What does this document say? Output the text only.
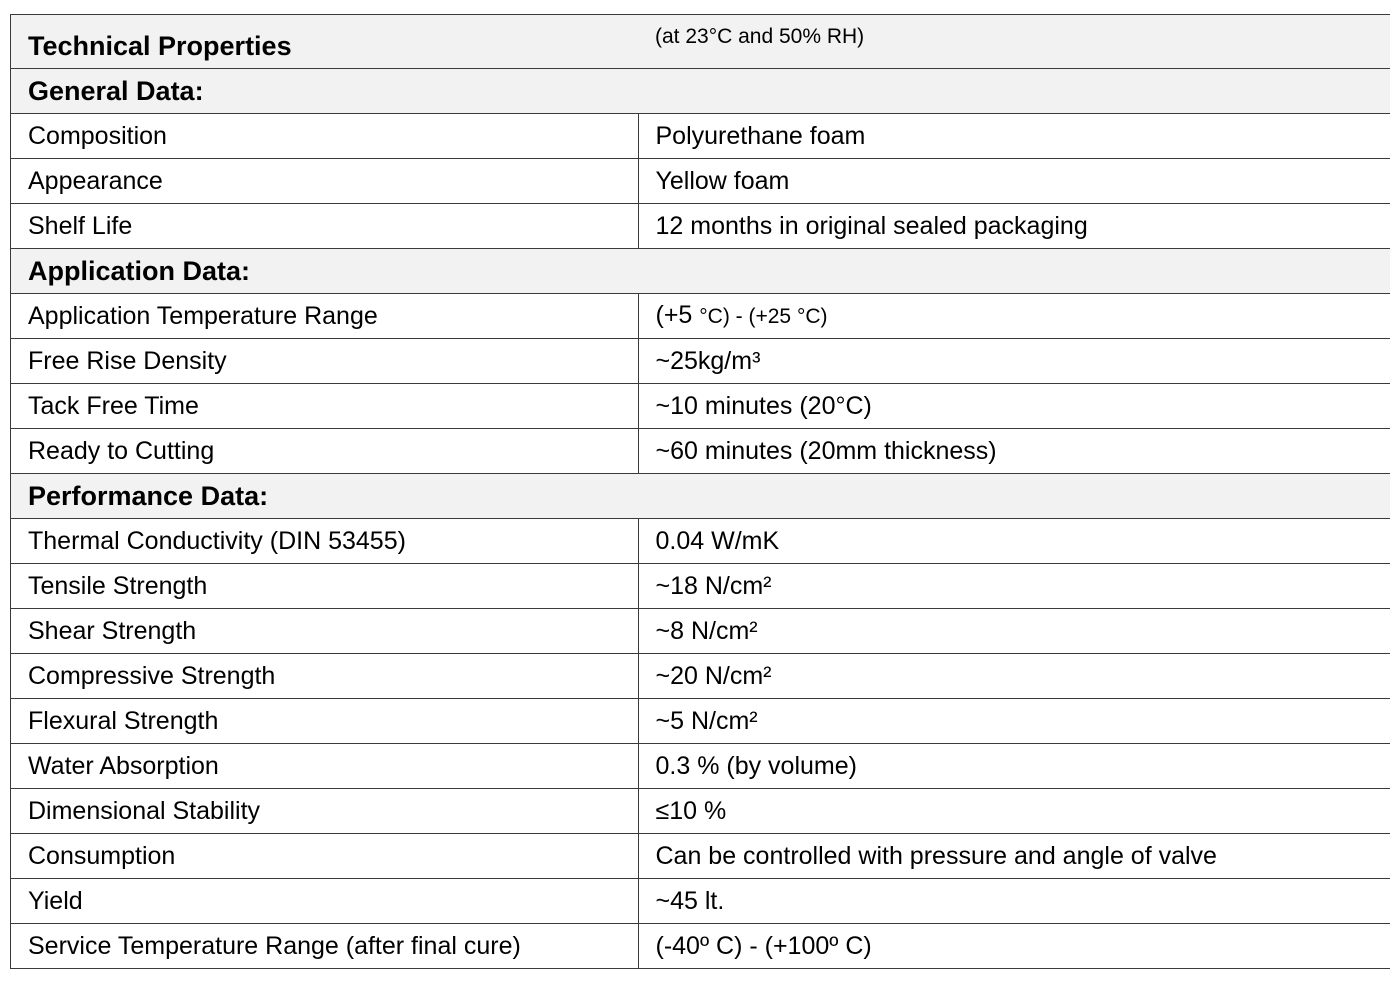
Technical Properties	(at 23°C and 50% RH)
General Data:	
Composition	Polyurethane foam
Appearance	Yellow foam
Shelf Life	12 months in original sealed packaging
Application Data:	
Application Temperature Range	(+5 °C) - (+25 °C)
Free Rise Density	~25kg/m³
Tack Free Time	~10 minutes (20°C)
Ready to Cutting	~60 minutes (20mm thickness)
Performance Data:	
Thermal Conductivity (DIN 53455)	0.04 W/mK
Tensile Strength	~18 N/cm²
Shear Strength	~8 N/cm²
Compressive Strength	~20 N/cm²
Flexural Strength	~5 N/cm²
Water Absorption	0.3 % (by volume)
Dimensional Stability	≤10 %
Consumption	Can be controlled with pressure and angle of valve
Yield	~45 lt.
Service Temperature Range (after final cure)	(-40º C) - (+100º C)
